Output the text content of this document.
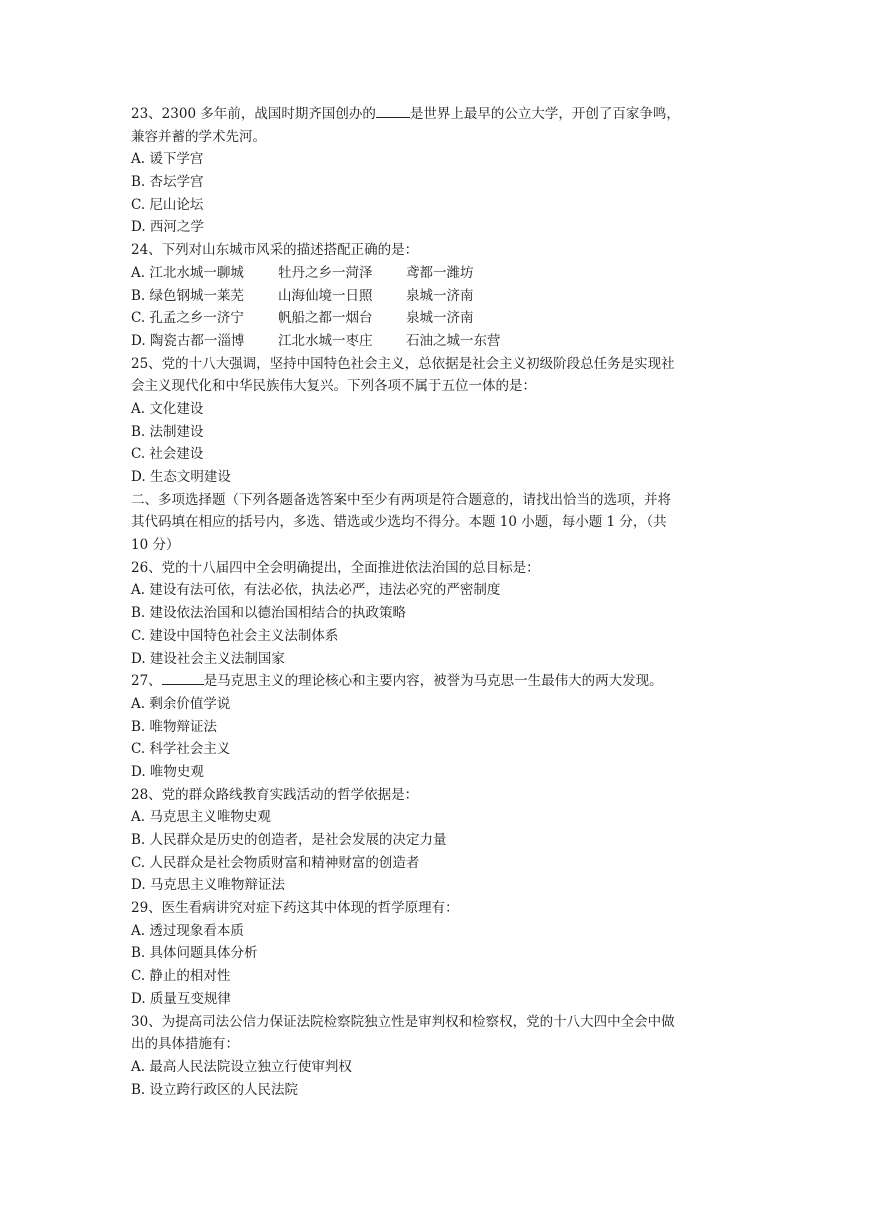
23、2300 多年前，战国时期齐国创办的	是世界上最早的公立大学，开创了百家争鸣，
兼容并蓄的学术先河。
A. 谖下学宫
B. 杏坛学宫
C. 尼山论坛
D. 西河之学
24、下列对山东城市风采的描述搭配正确的是：
A. 江北水城一聊城	牡丹之乡一菏泽 鸢都一潍坊
B. 绿色钢城一莱芜	山海仙境一日照 泉城一济南
C. 孔孟之乡一济宁	帆船之都一烟台 泉城一济南
D. 陶瓷古都一淄博 江北水城一枣庄 石油之城一东营
25、党的十八大强调，坚持中国特色社会主义，总依据是社会主义初级阶段总任务是实现社
会主义现代化和中华民族伟大复兴。下列各项不属于五位一体的是：
A. 文化建设
B. 法制建设
C. 社会建设
D. 生态文明建设
二、多项选择题（下列各题备选答案中至少有两项是符合题意的，请找出恰当的选项，并将
其代码填在相应的括号内，多选、错选或少选均不得分。本题 10 小题，每小题 1 分，（共
10 分）
26、党的十八届四中全会明确提出，全面推进依法治国的总目标是：
A. 建设有法可依，有法必依，执法必严，违法必究的严密制度
B. 建设依法治国和以德治国相结合的执政策略
C. 建设中国特色社会主义法制体系
D. 建设社会主义法制国家
27、	是马克思主义的理论核心和主要内容，被誉为马克思一生最伟大的两大发现。
A. 剩余价值学说
B. 唯物辩证法
C. 科学社会主义
D. 唯物史观
28、党的群众路线教育实践活动的哲学依据是：
A. 马克思主义唯物史观
B. 人民群众是历史的创造者，是社会发展的决定力量
C. 人民群众是社会物质财富和精神财富的创造者
D. 马克思主义唯物辩证法
29、医生看病讲究对症下药这其中体现的哲学原理有：
A. 透过现象看本质
B. 具体问题具体分析
C. 静止的相对性
D. 质量互变规律
30、为提高司法公信力保证法院检察院独立性是审判权和检察权，党的十八大四中全会中做
出的具体措施有：
A. 最高人民法院设立独立行使审判权
B. 设立跨行政区的人民法院
